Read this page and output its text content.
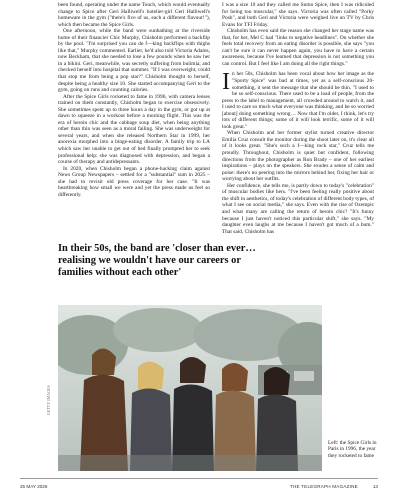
been found, operating under the name Touch, which would eventually change to Spice after Geri Halliwell's hotelier-girl Geri Halliwell's homeware in the gym ("there's five of us, each a different flavour!"), which then became the Spice Girls.

One afternoon, while the band were sunbathing at the riverside home of their financier Chic Murphy, Chisholm performed a backflip by the pool. "I'm surprised you can do f—king backflips with thighs like that," Murphy commented. Earlier, he'd also told Victoria Adams, now Beckham, that she needed to lose a few pounds when he saw her in a bikini. Geri, meanwhile, was secretly suffering from bulimia, and checked herself into hospital that summer. "If I was overweight, could that stop me from being a pop star?" Chisholm thought to herself, despite being a healthy size 10. She started accompanying Geri to the gym, going on runs and counting calories.

After the Spice Girls rocketed to fame in 1996, with camera lenses trained on them constantly, Chisholm began to exercise obsessively. She sometimes spent up to three hours a day in the gym, or got up at dawn to squeeze in a workout before a morning flight. This was the era of heroin chic and the cabbage soup diet, when being anything other than thin was seen as a moral failing. She was underweight for several years, and when she released Northern Star in 1999, her anorexia morphed into a binge-eating disorder. A family trip to LA which saw her unable to get out of bed finally prompted her to seek professional help: she was diagnosed with depression, and began a course of therapy and antidepressants.

In 2020, when Chisholm began a phone-hacking claim against News Group Newspapers – settled for a "substantial" sum in 2025 – she had to revisit old press coverage for her case. "It was heartbreaking how small we were and yet the press made us feel so differently.

I was a size 10 and they called me Sumo Spice, then I was ridiculed for being too muscular," she says. Victoria was often called "Porky Posh", and both Geri and Victoria were weighed live on TV by Chris Evans for TFI Friday.

Chisholm has even said the reason she changed her stage name was that, for her, Mel C had "links to negative headlines". On whether she feels total recovery from an eating disorder is possible, she says "you can't be sure it can never happen again, you have to have a certain awareness, because I've learned that depression is not something you can control. But I feel like I am doing all the right things."

In her 50s, Chisholm has been vocal about how her image as the "Sporty Spice" was bad at times, yet as a self-conscious 20-something, it sent the message that she should be thin. "I used to be so self-conscious. There used to be a load of people, from the press to the label to management, all crowded around to watch it, and I used to care so much what everyone was thinking, and be so worried [about] doing something wrong… Now that I'm older, I think, let's try lots of different things; some of it will look terrific, some of it will look great."

When Chisholm and her former stylist turned creative director Emilia Cruz consult the monitor during the shoot later on, it's clear all of it looks great. "She's such a f—king rock star," Cruz tells me proudly. Throughout, Chisholm is quiet but confident, following directions from the photographer as Ron Brady – one of her earliest inspirations – plays on the speakers. She exudes a sense of calm and poise: there's no peering into the mirrors behind her, fixing her hair or worrying about her outfits.

Her confidence, she tells me, is partly down to today's "celebration" of muscular bodies like hers. "I've been feeling really positive about the shift in aesthetics, of today's celebration of different body types, of what I see on social media," she says. Even with the rise of Ozempic and what many are calling the return of heroin chic? "It's funny because I just haven't noticed this particular shift," she says. "My daughter even laughs at me because I haven't got much of a bum." That said, Chisholm has

In their 50s, the band are 'closer than ever… realising we wouldn't have our careers or families without each other'
GETTY IMAGES
Left: the Spice Girls in Paris in 1996, the year they rocketed to fame
25 MAY 2026	THE TELEGRAPH MAGAZINE	13
